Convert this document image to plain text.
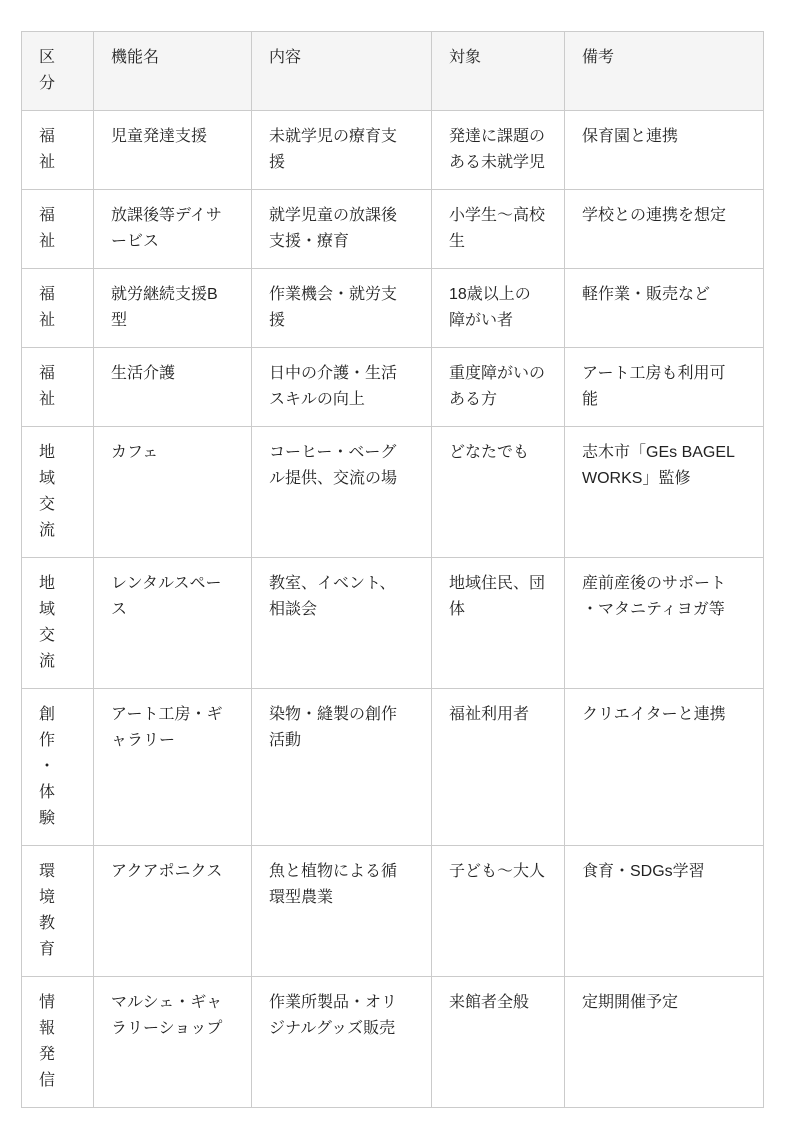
区分	機能名	内容	対象	備考
福祉	児童発達支援	未就学児の療育支援	発達に課題のある未就学児	保育園と連携
福祉	放課後等デイサービス	就学児童の放課後支援・療育	小学生〜高校生	学校との連携を想定
福祉	就労継続支援B型	作業機会・就労支援	18歳以上の障がい者	軽作業・販売など
福祉	生活介護	日中の介護・生活スキルの向上	重度障がいのある方	アート工房も利用可能
地域交流	カフェ	コーヒー・ベーグル提供、交流の場	どなたでも	志木市「GEs BAGEL WORKS」監修
地域交流	レンタルスペース	教室、イベント、相談会	地域住民、団体	産前産後のサポート・マタニティヨガ等
創作・体験	アート工房・ギャラリー	染物・縫製の創作活動	福祉利用者	クリエイターと連携
環境教育	アクアポニクス	魚と植物による循環型農業	子ども〜大人	食育・SDGs学習
情報発信	マルシェ・ギャラリーショップ	作業所製品・オリジナルグッズ販売	来館者全般	定期開催予定
